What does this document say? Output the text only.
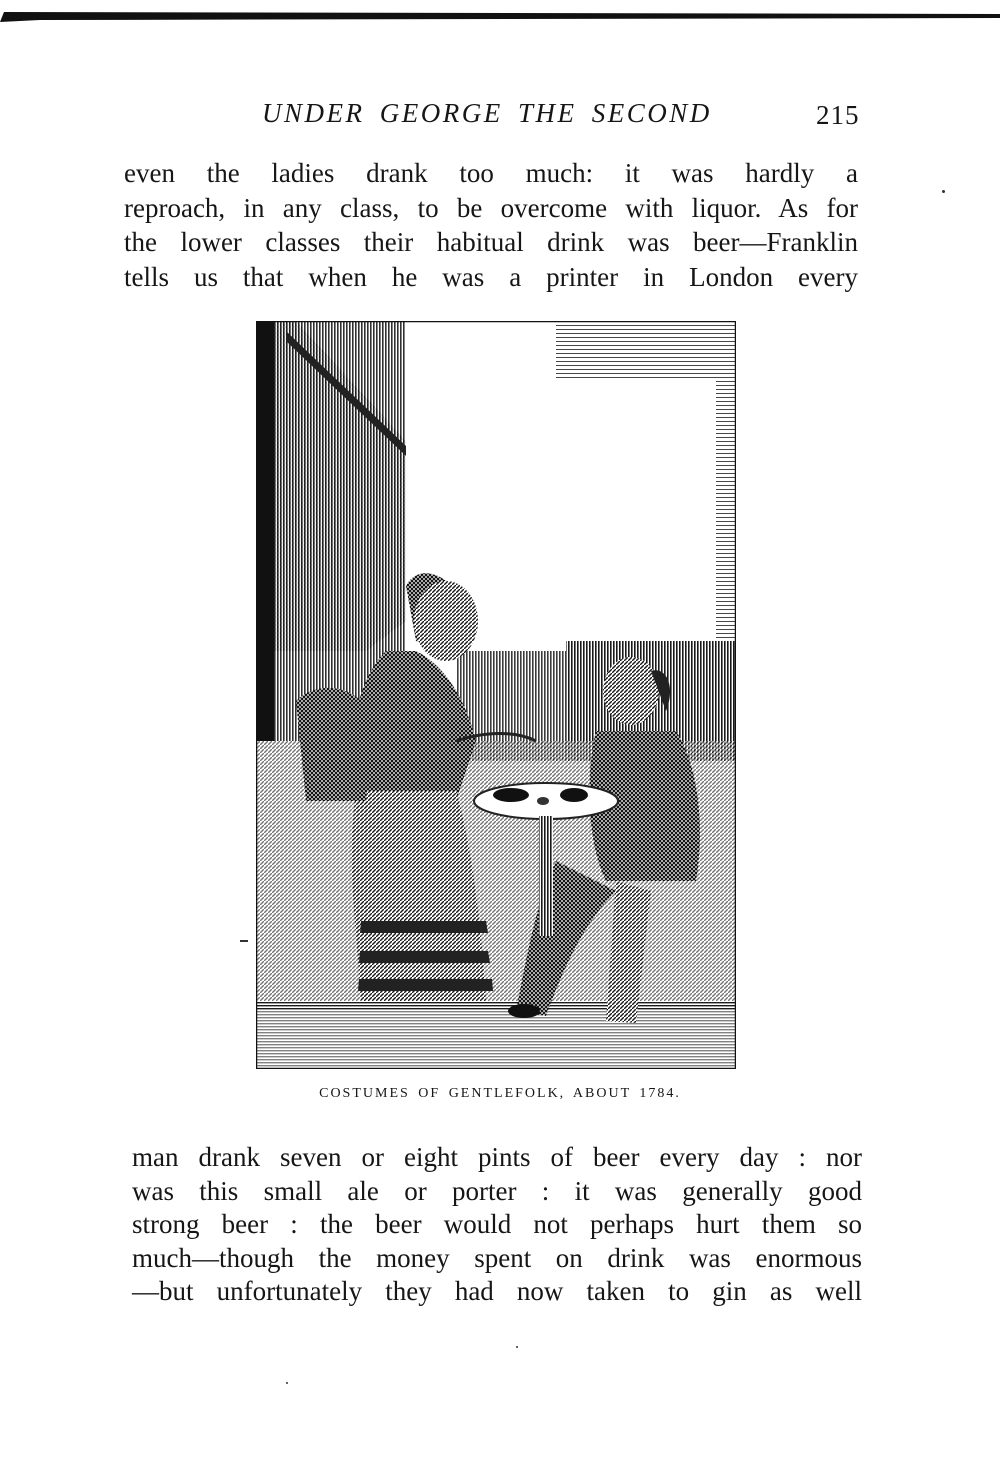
UNDER GEORGE THE SECOND	215
even the ladies drank too much: it was hardly a
reproach, in any class, to be overcome with liquor. As for
the lower classes their habitual drink was beer—Franklin
tells us that when he was a printer in London every
COSTUMES OF GENTLEFOLK, ABOUT 1784.
man drank seven or eight pints of beer every day : nor
was this small ale or porter : it was generally good
strong beer : the beer would not perhaps hurt them so
much—though the money spent on drink was enormous
—but unfortunately they had now taken to gin as well
